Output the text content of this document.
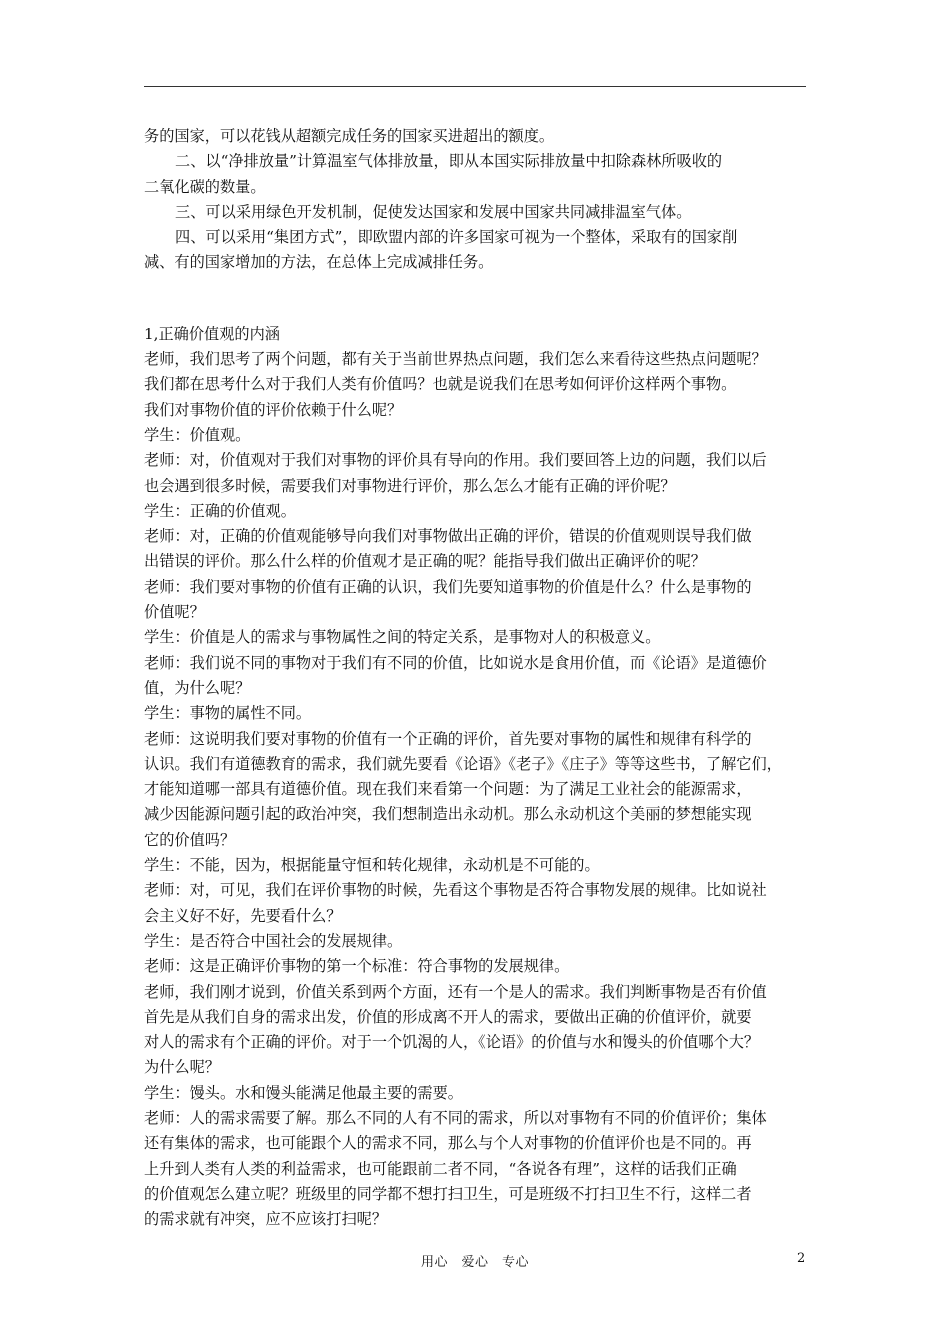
务的国家，可以花钱从超额完成任务的国家买进超出的额度。
二、以“净排放量”计算温室气体排放量，即从本国实际排放量中扣除森林所吸收的
二氧化碳的数量。
三、可以采用绿色开发机制，促使发达国家和发展中国家共同减排温室气体。
四、可以采用“集团方式”，即欧盟内部的许多国家可视为一个整体，采取有的国家削
减、有的国家增加的方法，在总体上完成减排任务。
1,正确价值观的内涵
老师，我们思考了两个问题，都有关于当前世界热点问题，我们怎么来看待这些热点问题呢？
我们都在思考什么对于我们人类有价值吗？也就是说我们在思考如何评价这样两个事物。
我们对事物价值的评价依赖于什么呢？
学生：价值观。
老师：对，价值观对于我们对事物的评价具有导向的作用。我们要回答上边的问题，我们以后
也会遇到很多时候，需要我们对事物进行评价，那么怎么才能有正确的评价呢？
学生：正确的价值观。
老师：对，正确的价值观能够导向我们对事物做出正确的评价，错误的价值观则误导我们做
出错误的评价。那么什么样的价值观才是正确的呢？能指导我们做出正确评价的呢？
老师：我们要对事物的价值有正确的认识，我们先要知道事物的价值是什么？什么是事物的
价值呢？
学生：价值是人的需求与事物属性之间的特定关系，是事物对人的积极意义。
老师：我们说不同的事物对于我们有不同的价值，比如说水是食用价值，而《论语》是道德价
值，为什么呢？
学生：事物的属性不同。
老师：这说明我们要对事物的价值有一个正确的评价，首先要对事物的属性和规律有科学的
认识。我们有道德教育的需求，我们就先要看《论语》《老子》《庄子》等等这些书，了解它们，
才能知道哪一部具有道德价值。现在我们来看第一个问题：为了满足工业社会的能源需求，
减少因能源问题引起的政治冲突，我们想制造出永动机。那么永动机这个美丽的梦想能实现
它的价值吗？
学生：不能，因为，根据能量守恒和转化规律，永动机是不可能的。
老师：对，可见，我们在评价事物的时候，先看这个事物是否符合事物发展的规律。比如说社
会主义好不好，先要看什么？
学生：是否符合中国社会的发展规律。
老师：这是正确评价事物的第一个标准：符合事物的发展规律。
老师，我们刚才说到，价值关系到两个方面，还有一个是人的需求。我们判断事物是否有价值
首先是从我们自身的需求出发，价值的形成离不开人的需求，要做出正确的价值评价，就要
对人的需求有个正确的评价。对于一个饥渴的人，《论语》的价值与水和馒头的价值哪个大？
为什么呢？
学生：馒头。水和馒头能满足他最主要的需要。
老师：人的需求需要了解。那么不同的人有不同的需求，所以对事物有不同的价值评价；集体
还有集体的需求，也可能跟个人的需求不同，那么与个人对事物的价值评价也是不同的。再
上升到人类有人类的利益需求，也可能跟前二者不同，“各说各有理”，这样的话我们正确
的价值观怎么建立呢？班级里的同学都不想打扫卫生，可是班级不打扫卫生不行，这样二者
的需求就有冲突，应不应该打扫呢？
用心　爱心　专心	2
